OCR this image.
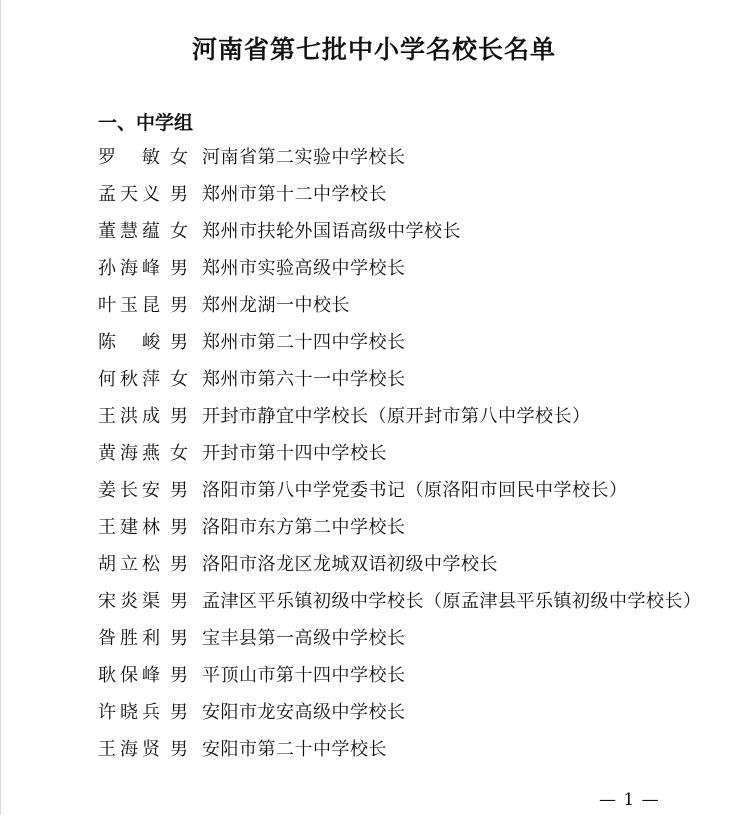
河南省第七批中小学名校长名单
一、中学组
罗　敏 女 河南省第二实验中学校长
孟天义 男 郑州市第十二中学校长
董慧蕴 女 郑州市扶轮外国语高级中学校长
孙海峰 男 郑州市实验高级中学校长
叶玉昆 男 郑州龙湖一中校长
陈　峻 男 郑州市第二十四中学校长
何秋萍 女 郑州市第六十一中学校长
王洪成 男 开封市静宜中学校长（原开封市第八中学校长）
黄海燕 女 开封市第十四中学校长
姜长安 男 洛阳市第八中学党委书记（原洛阳市回民中学校长）
王建林 男 洛阳市东方第二中学校长
胡立松 男 洛阳市洛龙区龙城双语初级中学校长
宋炎渠 男 孟津区平乐镇初级中学校长（原孟津县平乐镇初级中学校长）
昝胜利 男 宝丰县第一高级中学校长
耿保峰 男 平顶山市第十四中学校长
许晓兵 男 安阳市龙安高级中学校长
王海贤 男 安阳市第二十中学校长
— 1 —
